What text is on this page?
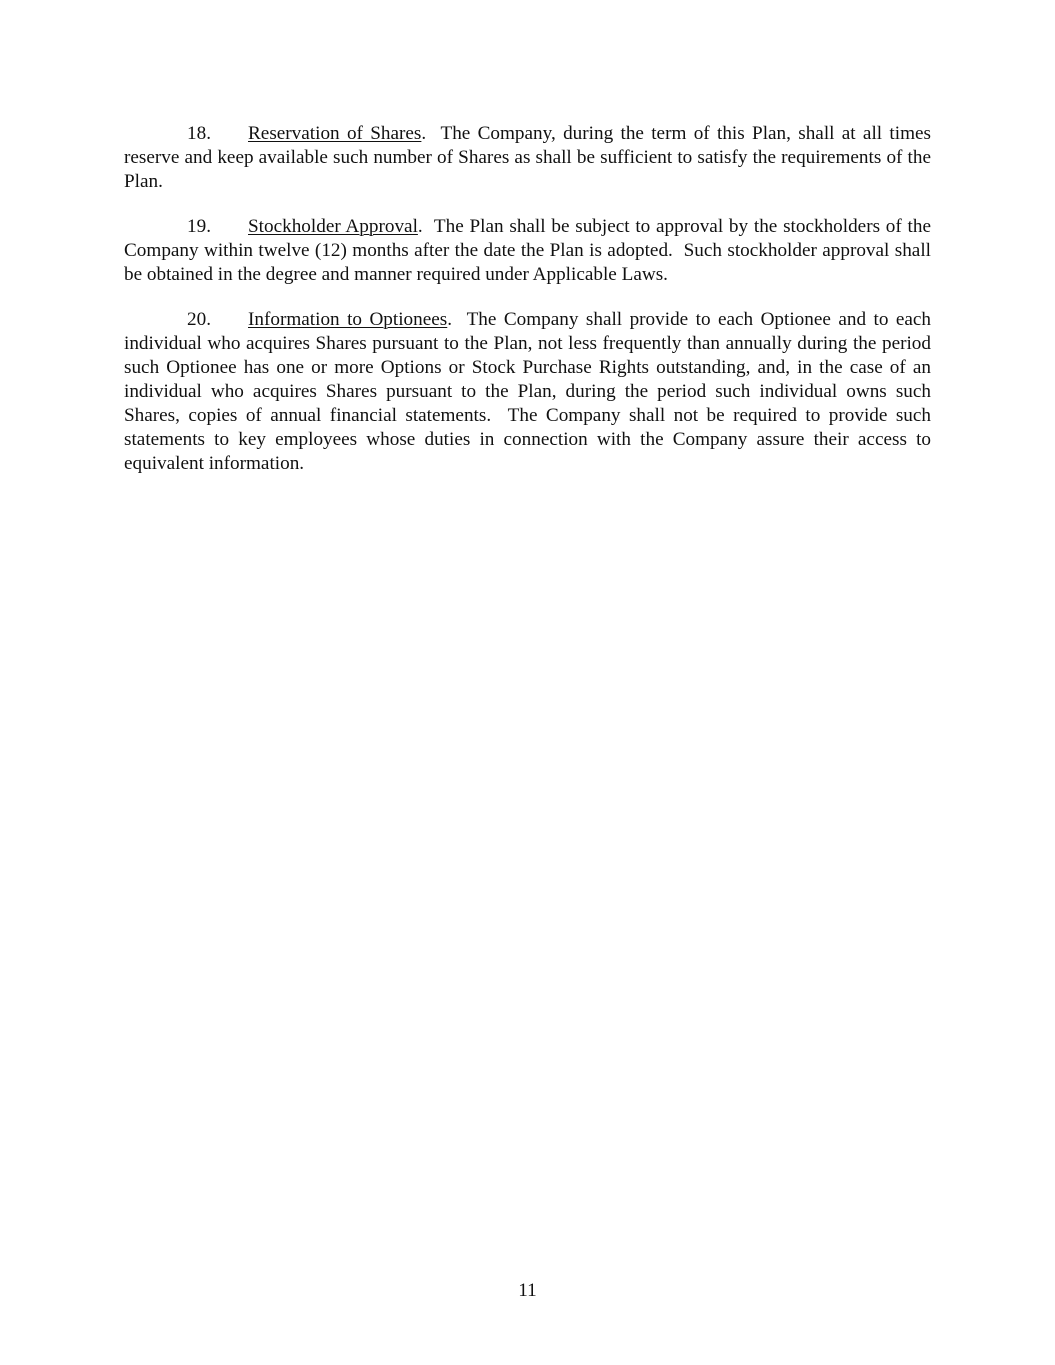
18. Reservation of Shares.  The Company, during the term of this Plan, shall at all times reserve and keep available such number of Shares as shall be sufficient to satisfy the requirements of the Plan.

19. Stockholder Approval.  The Plan shall be subject to approval by the stockholders of the Company within twelve (12) months after the date the Plan is adopted.  Such stockholder approval shall be obtained in the degree and manner required under Applicable Laws.

20. Information to Optionees.  The Company shall provide to each Optionee and to each individual who acquires Shares pursuant to the Plan, not less frequently than annually during the period such Optionee has one or more Options or Stock Purchase Rights outstanding, and, in the case of an individual who acquires Shares pursuant to the Plan, during the period such individual owns such Shares, copies of annual financial statements.  The Company shall not be required to provide such statements to key employees whose duties in connection with the Company assure their access to equivalent information.

11
